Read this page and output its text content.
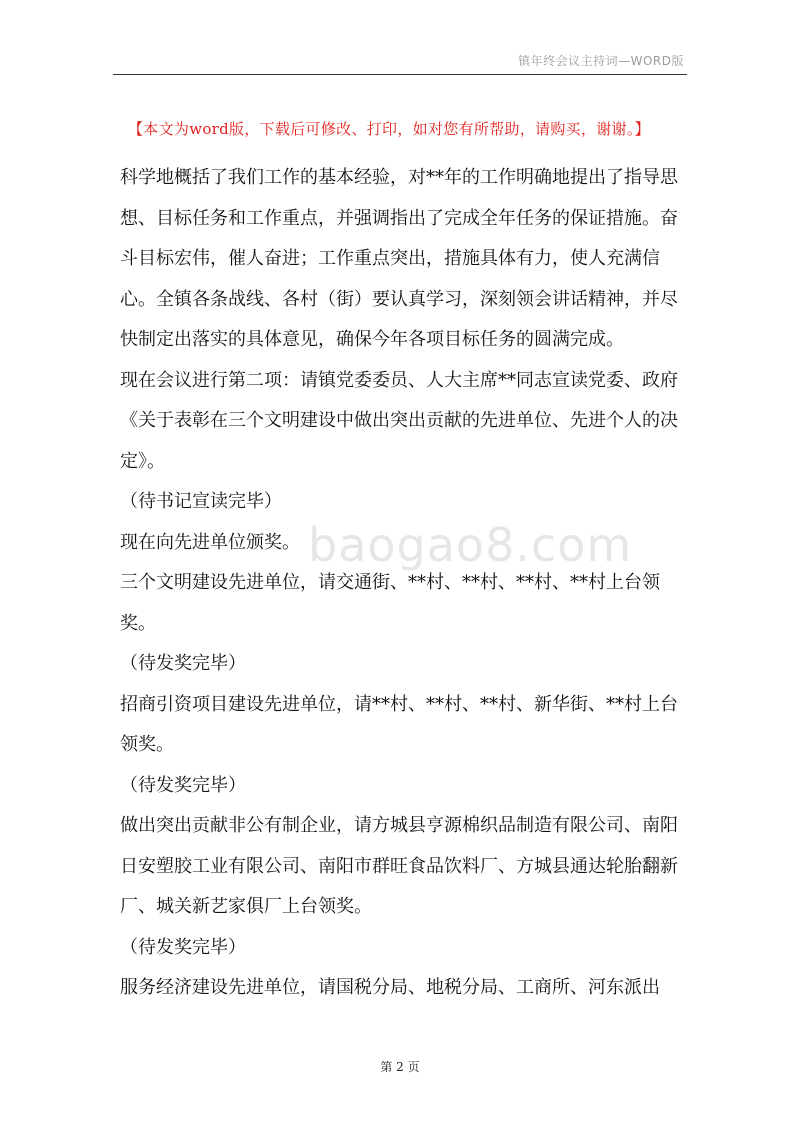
镇年终会议主持词—WORD版
【本文为word版，下载后可修改、打印，如对您有所帮助，请购买，谢谢。】

科学地概括了我们工作的基本经验，对**年的工作明确地提出了指导思想、目标任务和工作重点，并强调指出了完成全年任务的保证措施。奋斗目标宏伟，催人奋进；工作重点突出，措施具体有力，使人充满信心。全镇各条战线、各村（街）要认真学习，深刻领会讲话精神，并尽快制定出落实的具体意见，确保今年各项目标任务的圆满完成。

现在会议进行第二项：请镇党委委员、人大主席**同志宣读党委、政府《关于表彰在三个文明建设中做出突出贡献的先进单位、先进个人的决定》。

（待书记宣读完毕）

现在向先进单位颁奖。

三个文明建设先进单位，请交通街、**村、**村、**村、**村上台领奖。

（待发奖完毕）

招商引资项目建设先进单位，请**村、**村、**村、新华街、**村上台领奖。

（待发奖完毕）

做出突出贡献非公有制企业，请方城县亨源棉织品制造有限公司、南阳日安塑胶工业有限公司、南阳市群旺食品饮料厂、方城县通达轮胎翻新厂、城关新艺家俱厂上台领奖。

（待发奖完毕）

服务经济建设先进单位，请国税分局、地税分局、工商所、河东派出

baogao8.com
第 2 页
